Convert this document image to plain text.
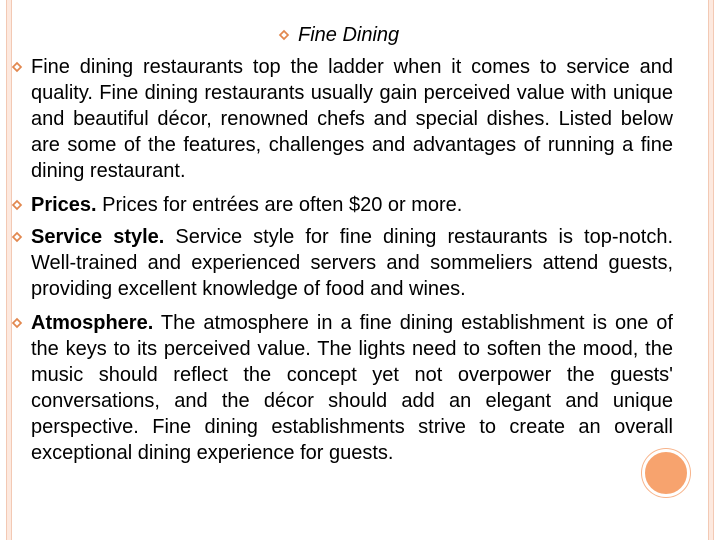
Fine Dining
Fine dining restaurants top the ladder when it comes to service and quality. Fine dining restaurants usually gain perceived value with unique and beautiful décor, renowned chefs and special dishes. Listed below are some of the features, challenges and advantages of running a fine dining restaurant.
Prices. Prices for entrées are often $20 or more.
Service style. Service style for fine dining restaurants is top-notch. Well-trained and experienced servers and sommeliers attend guests, providing excellent knowledge of food and wines.
Atmosphere. The atmosphere in a fine dining establishment is one of the keys to its perceived value. The lights need to soften the mood, the music should reflect the concept yet not overpower the guests' conversations, and the décor should add an elegant and unique perspective. Fine dining establishments strive to create an overall exceptional dining experience for guests.
